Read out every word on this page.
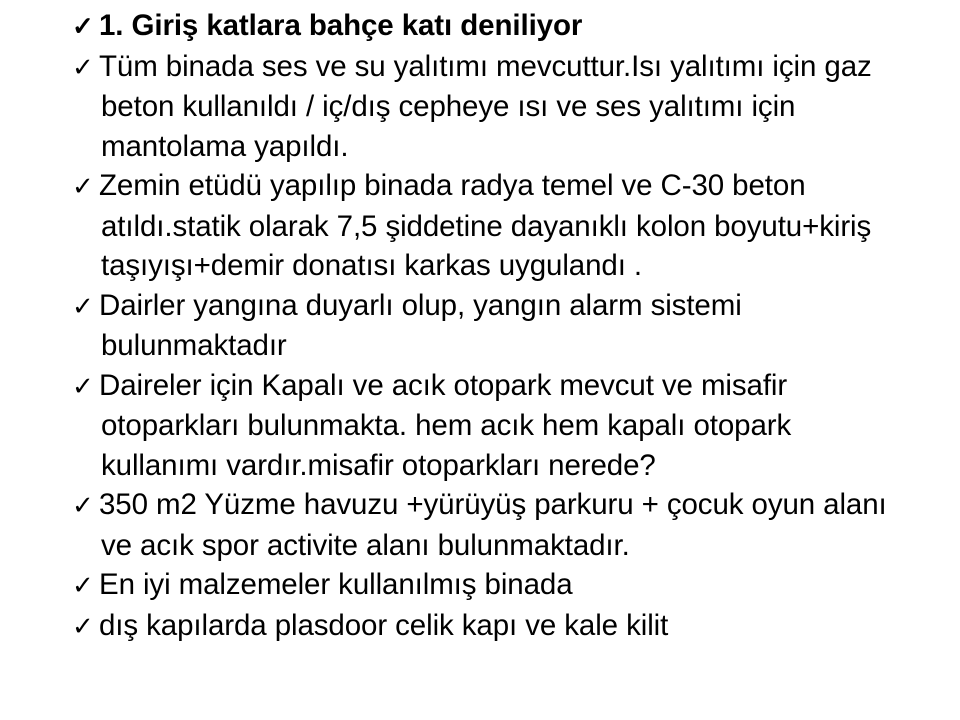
✓ 1. Giriş katlara bahçe katı deniliyor
✓ Tüm binada ses ve su yalıtımı mevcuttur.Isı yalıtımı için gaz beton kullanıldı / iç/dış cepheye ısı ve ses yalıtımı için mantolama yapıldı.
✓ Zemin etüdü yapılıp binada radya temel ve C-30 beton atıldı.statik olarak 7,5 şiddetine dayanıklı kolon boyutu+kiriş taşıyışı+demir donatısı karkas uygulandı .
✓ Dairler yangına duyarlı olup, yangın alarm sistemi bulunmaktadır
✓ Daireler için Kapalı ve acık otopark mevcut ve misafir otoparkları bulunmakta. hem acık hem kapalı otopark kullanımı vardır.misafir otoparkları nerede?
✓ 350 m2 Yüzme havuzu +yürüyüş parkuru + çocuk oyun alanı ve acık spor activite alanı bulunmaktadır.
✓ En iyi malzemeler kullanılmış binada
✓ dış kapılarda plasdoor celik kapı ve kale kilit
